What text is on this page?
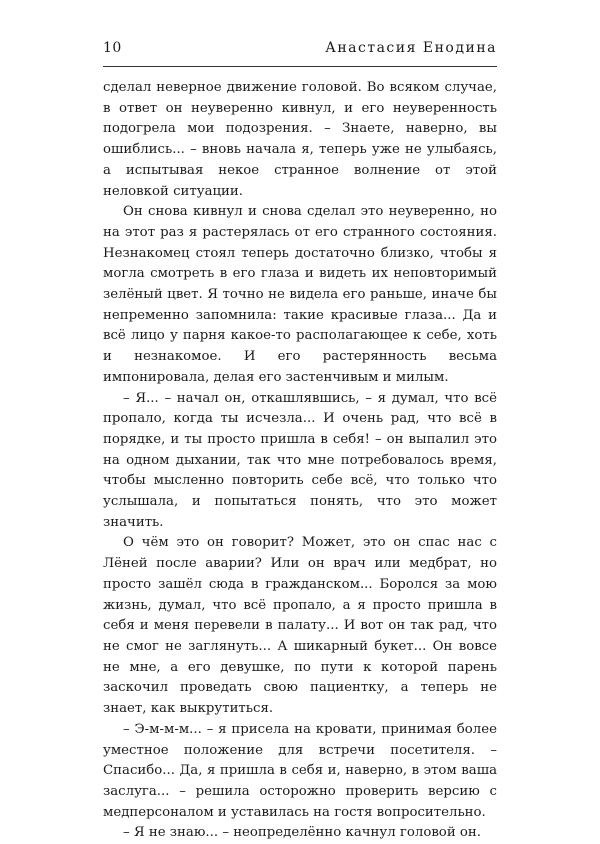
10	Анастасия Енодина

сделал неверное движение головой. Во всяком случае, в ответ он неуверенно кивнул, и его неуверенность подогрела мои подозрения. – Знаете, наверно, вы ошиблись... – вновь начала я, теперь уже не улыбаясь, а испытывая некое странное волнение от этой неловкой ситуации.

Он снова кивнул и снова сделал это неуверенно, но на этот раз я растерялась от его странного состояния. Незнакомец стоял теперь достаточно близко, чтобы я могла смотреть в его глаза и видеть их неповторимый зелёный цвет. Я точно не видела его раньше, иначе бы непременно запомнила: такие красивые глаза... Да и всё лицо у парня какое-то располагающее к себе, хоть и незнакомое. И его растерянность весьма импонировала, делая его застенчивым и милым.

– Я... – начал он, откашлявшись, – я думал, что всё пропало, когда ты исчезла... И очень рад, что всё в порядке, и ты просто пришла в себя! – он выпалил это на одном дыхании, так что мне потребовалось время, чтобы мысленно повторить себе всё, что только что услышала, и попытаться понять, что это может значить.

О чём это он говорит? Может, это он спас нас с Лёней после аварии? Или он врач или медбрат, но просто зашёл сюда в гражданском... Боролся за мою жизнь, думал, что всё пропало, а я просто пришла в себя и меня перевели в палату... И вот он так рад, что не смог не заглянуть... А шикарный букет... Он вовсе не мне, а его девушке, по пути к которой парень заскочил проведать свою пациентку, а теперь не знает, как выкрутиться.

– Э-м-м-м... – я присела на кровати, принимая более уместное положение для встречи посетителя. – Спасибо... Да, я пришла в себя и, наверно, в этом ваша заслуга... – решила осторожно проверить версию с медперсоналом и уставилась на гостя вопросительно.

– Я не знаю... – неопределённо качнул головой он.
